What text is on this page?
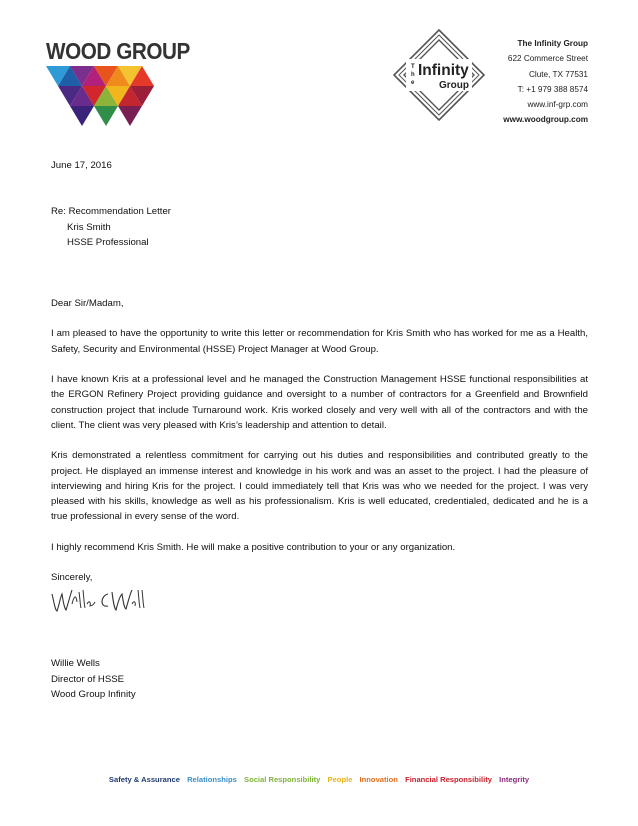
WOOD GROUP
T
h
e
Infinity
Group
The Infinity Group
622 Commerce Street
Clute, TX 77531
T: +1 979 388 8574
www.inf-grp.com
www.woodgroup.com

June 17, 2016

Re: Recommendation Letter

Kris Smith

HSSE Professional

Dear Sir/Madam,

I am pleased to have the opportunity to write this letter or recommendation for Kris Smith who has worked for me as a Health, Safety, Security and Environmental (HSSE) Project Manager at Wood Group.

I have known Kris at a professional level and he managed the Construction Management HSSE functional responsibilities at the ERGON Refinery Project providing guidance and oversight to a number of contractors for a Greenfield and Brownfield construction project that include Turnaround work. Kris worked closely and very well with all of the contractors and with the client. The client was very pleased with Kris’s leadership and attention to detail.

Kris demonstrated a relentless commitment for carrying out his duties and responsibilities and contributed greatly to the project. He displayed an immense interest and knowledge in his work and was an asset to the project. I had the pleasure of interviewing and hiring Kris for the project. I could immediately tell that Kris was who we needed for the project. I was very pleased with his skills, knowledge as well as his professionalism. Kris is well educated, credentialed, dedicated and he is a true professional in every sense of the word.

I highly recommend Kris Smith. He will make a positive contribution to your or any organization.

Sincerely,

Willie Wells

Director of HSSE

Wood Group Infinity

Safety & Assurance Relationships Social Responsibility People Innovation Financial Responsibility Integrity
